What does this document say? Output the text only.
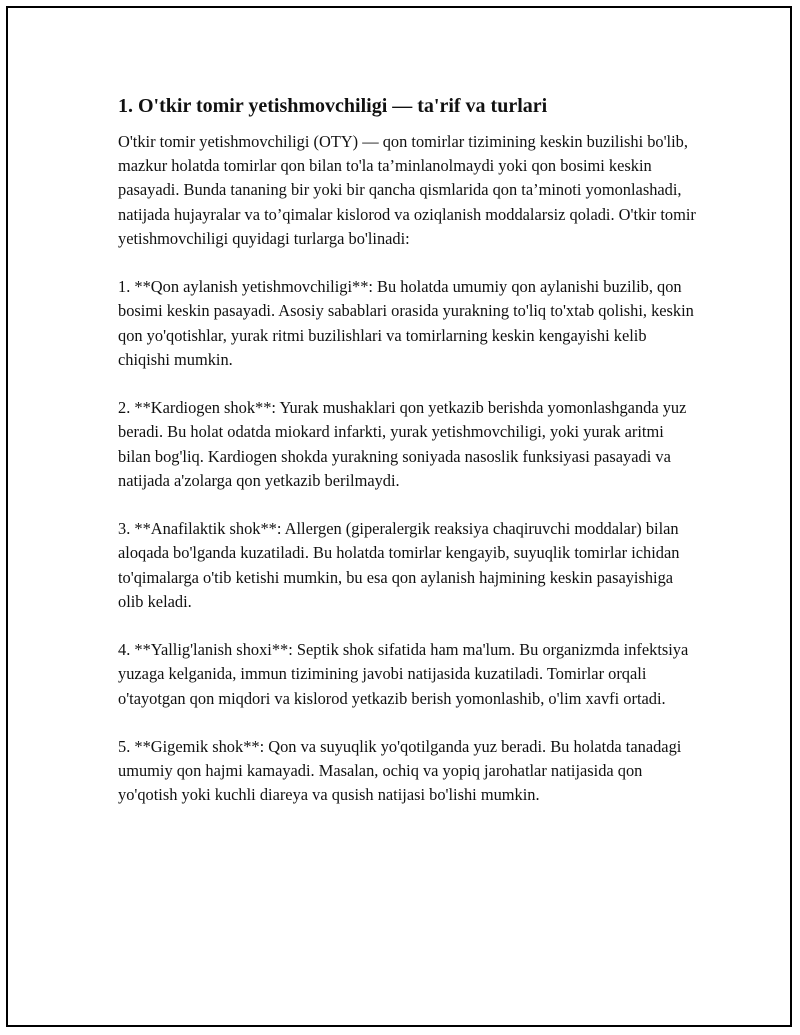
1. O'tkir tomir yetishmovchiligi — ta'rif va turlari

O'tkir tomir yetishmovchiligi (OTY) — qon tomirlar tizimining keskin buzilishi bo'lib, mazkur holatda tomirlar qon bilan to'la ta’minlanolmaydi yoki qon bosimi keskin pasayadi. Bunda tananing bir yoki bir qancha qismlarida qon ta’minoti yomonlashadi, natijada hujayralar va to’qimalar kislorod va oziqlanish moddalarsiz qoladi. O'tkir tomir yetishmovchiligi quyidagi turlarga bo'linadi:

1. **Qon aylanish yetishmovchiligi**: Bu holatda umumiy qon aylanishi buzilib, qon bosimi keskin pasayadi. Asosiy sabablari orasida yurakning to'liq to'xtab qolishi, keskin qon yo'qotishlar, yurak ritmi buzilishlari va tomirlarning keskin kengayishi kelib chiqishi mumkin.

2. **Kardiogen shok**: Yurak mushaklari qon yetkazib berishda yomonlashganda yuz beradi. Bu holat odatda miokard infarkti, yurak yetishmovchiligi, yoki yurak aritmi bilan bog'liq. Kardiogen shokda yurakning soniyada nasoslik funksiyasi pasayadi va natijada a'zolarga qon yetkazib berilmaydi.

3. **Anafilaktik shok**: Allergen (giperalergik reaksiya chaqiruvchi moddalar) bilan aloqada bo'lganda kuzatiladi. Bu holatda tomirlar kengayib, suyuqlik tomirlar ichidan to'qimalarga o'tib ketishi mumkin, bu esa qon aylanish hajmining keskin pasayishiga olib keladi.

4. **Yallig'lanish shoxi**: Septik shok sifatida ham ma'lum. Bu organizmda infektsiya yuzaga kelganida, immun tizimining javobi natijasida kuzatiladi. Tomirlar orqali o'tayotgan qon miqdori va kislorod yetkazib berish yomonlashib, o'lim xavfi ortadi.

5. **Gigemik shok**: Qon va suyuqlik yo'qotilganda yuz beradi. Bu holatda tanadagi umumiy qon hajmi kamayadi. Masalan, ochiq va yopiq jarohatlar natijasida qon yo'qotish yoki kuchli diareya va qusish natijasi bo'lishi mumkin.
